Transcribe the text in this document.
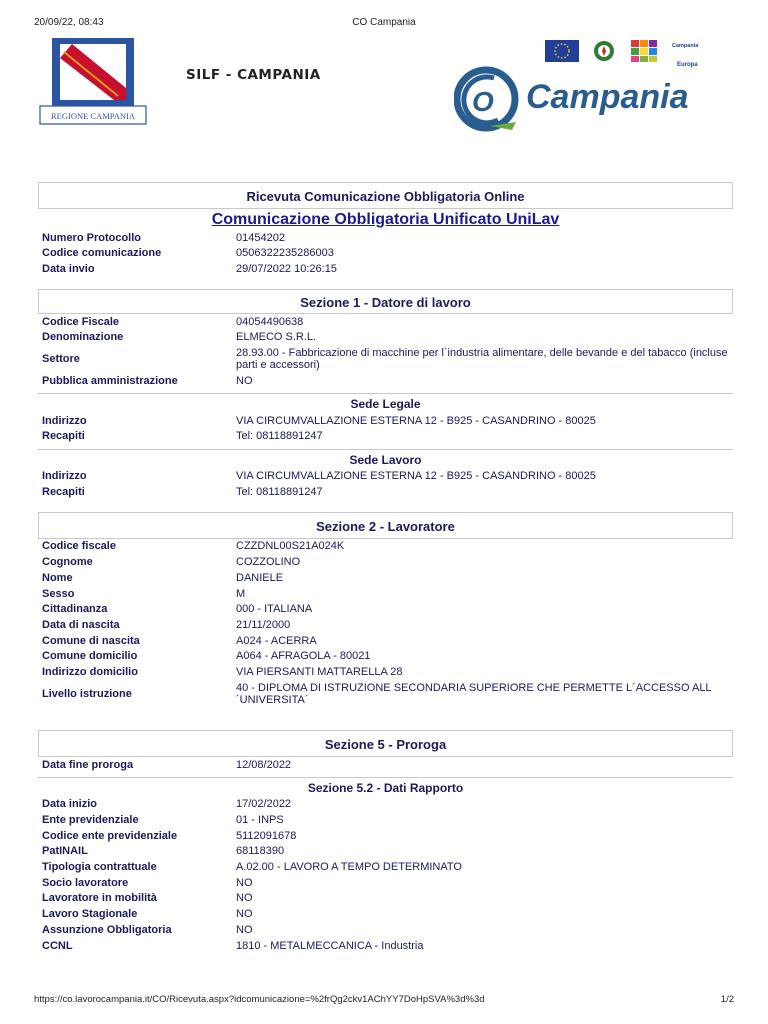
20/09/22, 08:43	CO Campania
REGIONE CAMPANIA
SILF - CAMPANIA
Campania
Europa
O Campania
Ricevuta Comunicazione Obbligatoria Online
Comunicazione Obbligatoria Unificato UniLav
Numero Protocollo	01454202
Codice comunicazione	0506322235286003
Data invio	29/07/2022 10:26:15
Sezione 1 - Datore di lavoro
Codice Fiscale	04054490638
Denominazione	ELMECO S.R.L.
Settore	28.93.00 - Fabbricazione di macchine per l´industria alimentare, delle bevande e del tabacco (incluse parti e accessori)
Pubblica amministrazione	NO
Sede Legale
Indirizzo	VIA CIRCUMVALLAZIONE ESTERNA 12 - B925 - CASANDRINO - 80025
Recapiti	Tel: 08118891247
Sede Lavoro
Indirizzo	VIA CIRCUMVALLAZIONE ESTERNA 12 - B925 - CASANDRINO - 80025
Recapiti	Tel: 08118891247
Sezione 2 - Lavoratore
Codice fiscale	CZZDNL00S21A024K
Cognome	COZZOLINO
Nome	DANIELE
Sesso	M
Cittadinanza	000 - ITALIANA
Data di nascita	21/11/2000
Comune di nascita	A024 - ACERRA
Comune domicilio	A064 - AFRAGOLA - 80021
Indirizzo domicilio	VIA PIERSANTI MATTARELLA 28
Livello istruzione	40 - DIPLOMA DI ISTRUZIONE SECONDARIA SUPERIORE CHE PERMETTE L´ACCESSO ALL ´UNIVERSITA´
Sezione 5 - Proroga
Data fine proroga	12/08/2022
Sezione 5.2 - Dati Rapporto
Data inizio	17/02/2022
Ente previdenziale	01 - INPS
Codice ente previdenziale	5112091678
PatINAIL	68118390
Tipologia contrattuale	A.02.00 - LAVORO A TEMPO DETERMINATO
Socio lavoratore	NO
Lavoratore in mobilità	NO
Lavoro Stagionale	NO
Assunzione Obbligatoria	NO
CCNL	1810 - METALMECCANICA - Industria
https://co.lavorocampania.it/CO/Ricevuta.aspx?idcomunicazione=%2frQg2ckv1AChYY7DoHpSVA%3d%3d	1/2
